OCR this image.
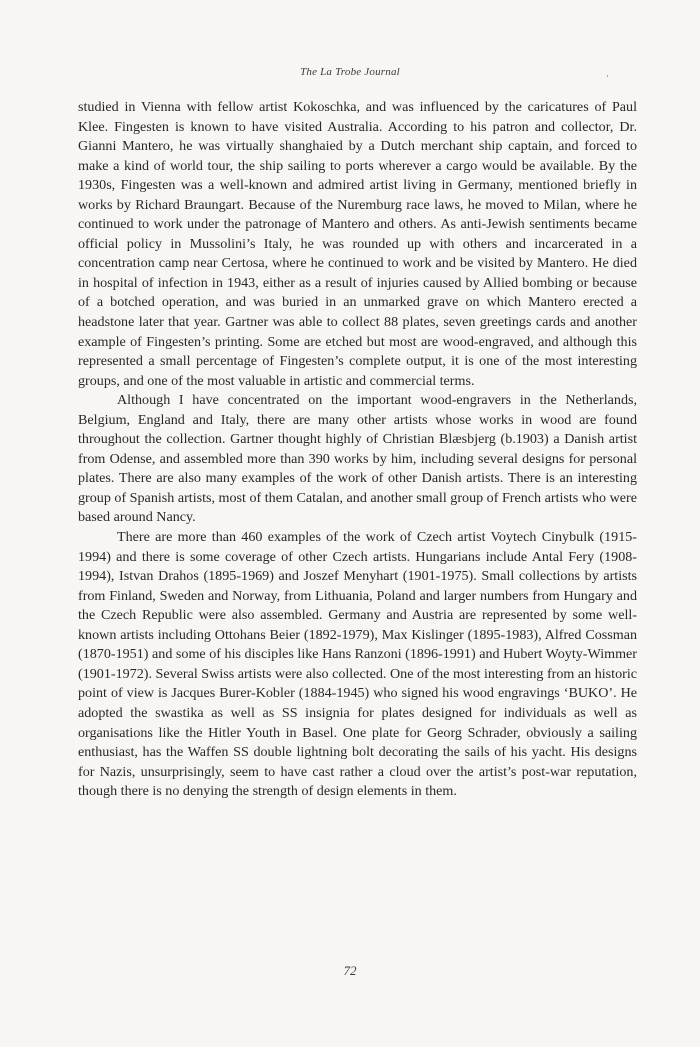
The La Trobe Journal	‚

studied in Vienna with fellow artist Kokoschka, and was influenced by the caricatures of Paul Klee. Fingesten is known to have visited Australia. According to his patron and collector, Dr. Gianni Mantero, he was virtually shanghaied by a Dutch merchant ship captain, and forced to make a kind of world tour, the ship sailing to ports wherever a cargo would be available. By the 1930s, Fingesten was a well-known and admired artist living in Germany, mentioned briefly in works by Richard Braungart. Because of the Nuremburg race laws, he moved to Milan, where he continued to work under the patronage of Mantero and others. As anti-Jewish sentiments became official policy in Mussolini’s Italy, he was rounded up with others and incarcerated in a concentration camp near Certosa, where he continued to work and be visited by Mantero. He died in hospital of infection in 1943, either as a result of injuries caused by Allied bombing or because of a botched operation, and was buried in an unmarked grave on which Mantero erected a headstone later that year. Gartner was able to collect 88 plates, seven greetings cards and another example of Fingesten’s printing. Some are etched but most are wood-engraved, and although this represented a small percentage of Fingesten’s complete output, it is one of the most interesting groups, and one of the most valuable in artistic and commercial terms.

Although I have concentrated on the important wood-engravers in the Netherlands, Belgium, England and Italy, there are many other artists whose works in wood are found throughout the collection. Gartner thought highly of Christian Blæsbjerg (b.1903) a Danish artist from Odense, and assembled more than 390 works by him, including several designs for personal plates. There are also many examples of the work of other Danish artists. There is an interesting group of Spanish artists, most of them Catalan, and another small group of French artists who were based around Nancy.

There are more than 460 examples of the work of Czech artist Voytech Cinybulk (1915-1994) and there is some coverage of other Czech artists. Hungarians include Antal Fery (1908-1994), Istvan Drahos (1895-1969) and Joszef Menyhart (1901-1975). Small collections by artists from Finland, Sweden and Norway, from Lithuania, Poland and larger numbers from Hungary and the Czech Republic were also assembled. Germany and Austria are represented by some well-known artists including Ottohans Beier (1892-1979), Max Kislinger (1895-1983), Alfred Cossman (1870-1951) and some of his disciples like Hans Ranzoni (1896-1991) and Hubert Woyty-Wimmer (1901-1972). Several Swiss artists were also collected. One of the most interesting from an historic point of view is Jacques Burer-Kobler (1884-1945) who signed his wood engravings ‘BUKO’. He adopted the swastika as well as SS insignia for plates designed for individuals as well as organisations like the Hitler Youth in Basel. One plate for Georg Schrader, obviously a sailing enthusiast, has the Waffen SS double lightning bolt decorating the sails of his yacht. His designs for Nazis, unsurprisingly, seem to have cast rather a cloud over the artist’s post-war reputation, though there is no denying the strength of design elements in them.

72
